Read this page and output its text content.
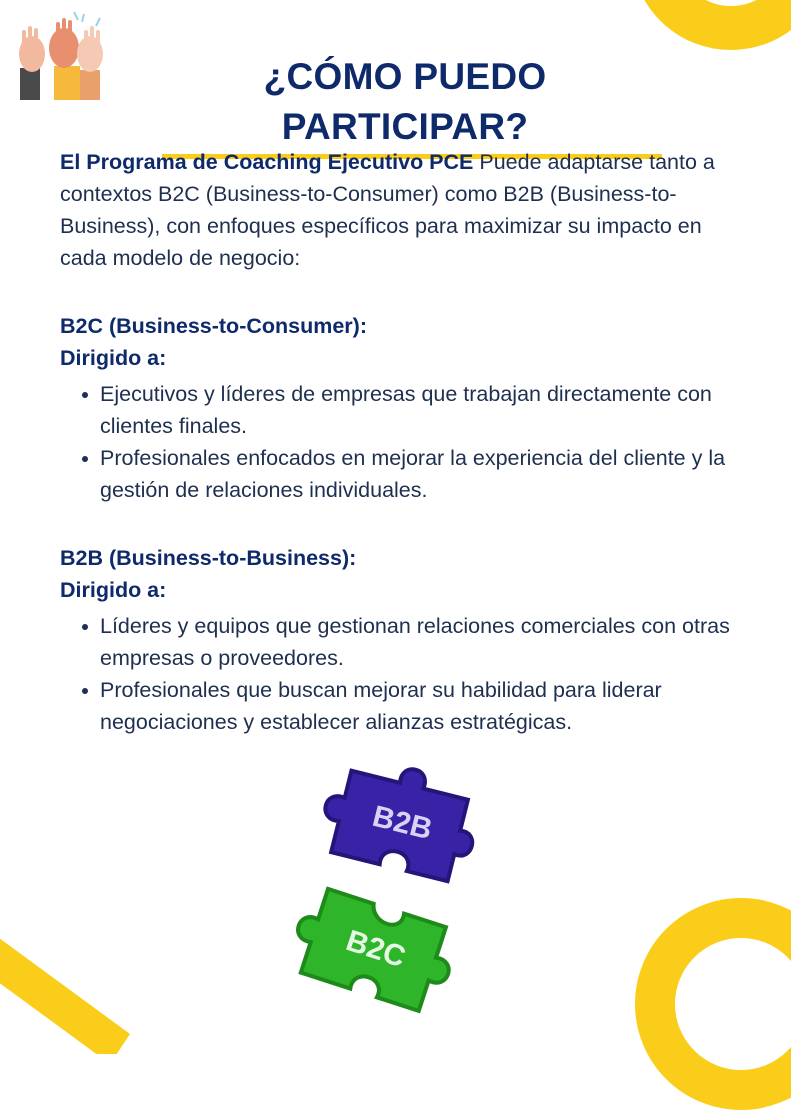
¿CÓMO PUEDO PARTICIPAR?

El Programa de Coaching Ejecutivo PCE Puede adaptarse tanto a contextos B2C (Business-to-Consumer) como B2B (Business-to-Business), con enfoques específicos para maximizar su impacto en cada modelo de negocio:

B2C (Business-to-Consumer):

Dirigido a:

Ejecutivos y líderes de empresas que trabajan directamente con clientes finales.
Profesionales enfocados en mejorar la experiencia del cliente y la gestión de relaciones individuales.

B2B (Business-to-Business):

Dirigido a:

Líderes y equipos que gestionan relaciones comerciales con otras empresas o proveedores.
Profesionales que buscan mejorar su habilidad para liderar negociaciones y establecer alianzas estratégicas.
B2B
B2C
